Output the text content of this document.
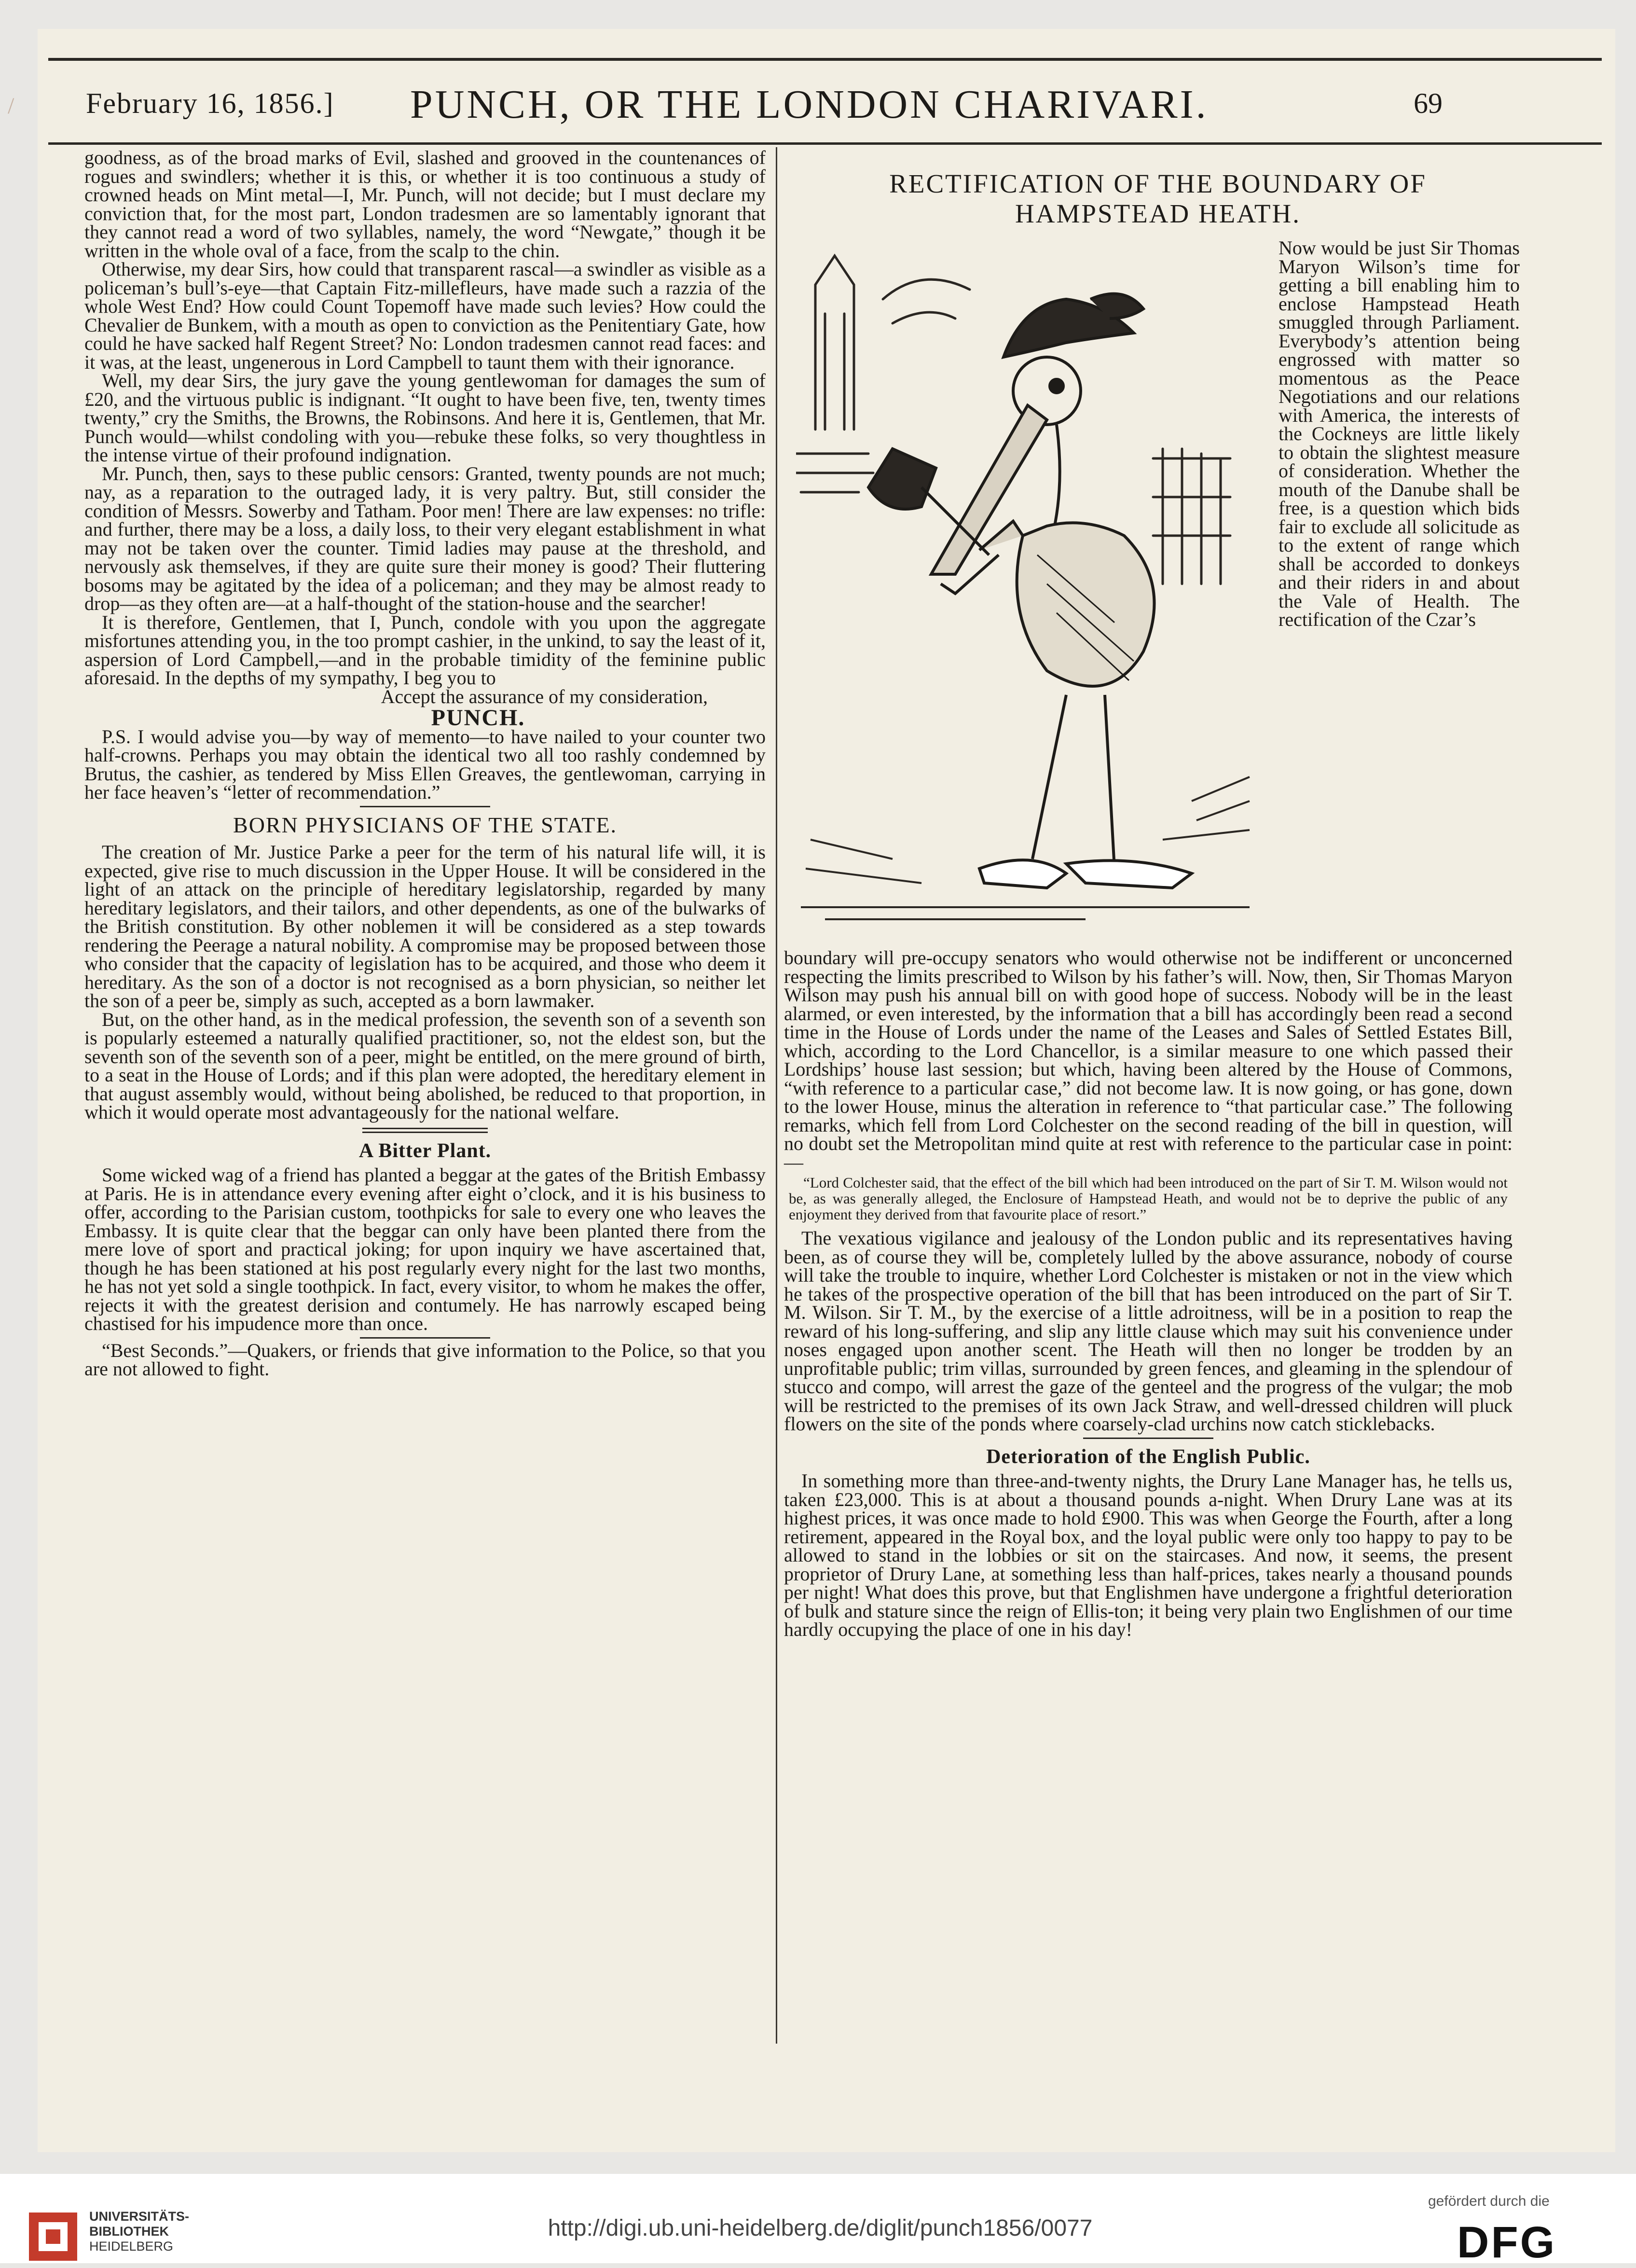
/ February 16, 1856.] PUNCH, OR THE LONDON CHARIVARI.	69

goodness, as of the broad marks of Evil, slashed and grooved in the countenances of rogues and swindlers; whether it is this, or whether it is too continuous a study of crowned heads on Mint metal—I, Mr. Punch, will not decide; but I must declare my conviction that, for the most part, London tradesmen are so lamentably ignorant that they cannot read a word of two syllables, namely, the word “Newgate,” though it be written in the whole oval of a face, from the scalp to the chin.

Otherwise, my dear Sirs, how could that transparent rascal—a swindler as visible as a policeman’s bull’s-eye—that Captain Fitz-millefleurs, have made such a razzia of the whole West End? How could Count Topemoff have made such levies? How could the Chevalier de Bunkem, with a mouth as open to conviction as the Penitentiary Gate, how could he have sacked half Regent Street? No: London tradesmen cannot read faces: and it was, at the least, ungenerous in Lord Campbell to taunt them with their ignorance.

Well, my dear Sirs, the jury gave the young gentlewoman for damages the sum of £20, and the virtuous public is indignant. “It ought to have been five, ten, twenty times twenty,” cry the Smiths, the Browns, the Robinsons. And here it is, Gentlemen, that Mr. Punch would—whilst condoling with you—rebuke these folks, so very thoughtless in the intense virtue of their profound indignation.

Mr. Punch, then, says to these public censors: Granted, twenty pounds are not much; nay, as a reparation to the outraged lady, it is very paltry. But, still consider the condition of Messrs. Sowerby and Tatham. Poor men! There are law expenses: no trifle: and further, there may be a loss, a daily loss, to their very elegant establishment in what may not be taken over the counter. Timid ladies may pause at the threshold, and nervously ask themselves, if they are quite sure their money is good? Their fluttering bosoms may be agitated by the idea of a policeman; and they may be almost ready to drop—as they often are—at a half-thought of the station-house and the searcher!

It is therefore, Gentlemen, that I, Punch, condole with you upon the aggregate misfortunes attending you, in the too prompt cashier, in the unkind, to say the least of it, aspersion of Lord Campbell,—and in the probable timidity of the feminine public aforesaid. In the depths of my sympathy, I beg you to

Accept the assurance of my consideration,

PUNCH.

P.S. I would advise you—by way of memento—to have nailed to your counter two half-crowns. Perhaps you may obtain the identical two all too rashly condemned by Brutus, the cashier, as tendered by Miss Ellen Greaves, the gentlewoman, carrying in her face heaven’s “letter of recommendation.”

BORN PHYSICIANS OF THE STATE.

The creation of Mr. Justice Parke a peer for the term of his natural life will, it is expected, give rise to much discussion in the Upper House. It will be considered in the light of an attack on the principle of hereditary legislatorship, regarded by many hereditary legislators, and their tailors, and other dependents, as one of the bulwarks of the British constitution. By other noblemen it will be considered as a step towards rendering the Peerage a natural nobility. A compromise may be proposed between those who consider that the capacity of legislation has to be acquired, and those who deem it hereditary. As the son of a doctor is not recognised as a born physician, so neither let the son of a peer be, simply as such, accepted as a born lawmaker.

But, on the other hand, as in the medical profession, the seventh son of a seventh son is popularly esteemed a naturally qualified practitioner, so, not the eldest son, but the seventh son of the seventh son of a peer, might be entitled, on the mere ground of birth, to a seat in the House of Lords; and if this plan were adopted, the hereditary element in that august assembly would, without being abolished, be reduced to that proportion, in which it would operate most advantageously for the national welfare.

A Bitter Plant.

Some wicked wag of a friend has planted a beggar at the gates of the British Embassy at Paris. He is in attendance every evening after eight o’clock, and it is his business to offer, according to the Parisian custom, toothpicks for sale to every one who leaves the Embassy. It is quite clear that the beggar can only have been planted there from the mere love of sport and practical joking; for upon inquiry we have ascertained that, though he has been stationed at his post regularly every night for the last two months, he has not yet sold a single toothpick. In fact, every visitor, to whom he makes the offer, rejects it with the greatest derision and contumely. He has narrowly escaped being chastised for his impudence more than once.

“Best Seconds.”—Quakers, or friends that give information to the Police, so that you are not allowed to fight.

RECTIFICATION OF THE BOUNDARY OF HAMPSTEAD HEATH.

Now would be just Sir Thomas Maryon Wilson’s time for getting a bill enabling him to enclose Hampstead Heath smuggled through Parliament. Everybody’s attention being engrossed with matter so momentous as the Peace Negotiations and our relations with America, the interests of the Cockneys are little likely to obtain the slightest measure of consideration. Whether the mouth of the Danube shall be free, is a question which bids fair to exclude all solicitude as to the extent of range which shall be accorded to donkeys and their riders in and about the Vale of Health. The rectification of the Czar’s

boundary will pre-occupy senators who would otherwise not be indifferent or unconcerned respecting the limits prescribed to Wilson by his father’s will. Now, then, Sir Thomas Maryon Wilson may push his annual bill on with good hope of success. Nobody will be in the least alarmed, or even interested, by the information that a bill has accordingly been read a second time in the House of Lords under the name of the Leases and Sales of Settled Estates Bill, which, according to the Lord Chancellor, is a similar measure to one which passed their Lordships’ house last session; but which, having been altered by the House of Commons, “with reference to a particular case,” did not become law. It is now going, or has gone, down to the lower House, minus the alteration in reference to “that particular case.” The following remarks, which fell from Lord Colchester on the second reading of the bill in question, will no doubt set the Metropolitan mind quite at rest with reference to the particular case in point:—

“Lord Colchester said, that the effect of the bill which had been introduced on the part of Sir T. M. Wilson would not be, as was generally alleged, the Enclosure of Hampstead Heath, and would not be to deprive the public of any enjoyment they derived from that favourite place of resort.”

The vexatious vigilance and jealousy of the London public and its representatives having been, as of course they will be, completely lulled by the above assurance, nobody of course will take the trouble to inquire, whether Lord Colchester is mistaken or not in the view which he takes of the prospective operation of the bill that has been introduced on the part of Sir T. M. Wilson. Sir T. M., by the exercise of a little adroitness, will be in a position to reap the reward of his long-suffering, and slip any little clause which may suit his convenience under noses engaged upon another scent. The Heath will then no longer be trodden by an unprofitable public; trim villas, surrounded by green fences, and gleaming in the splendour of stucco and compo, will arrest the gaze of the genteel and the progress of the vulgar; the mob will be restricted to the premises of its own Jack Straw, and well-dressed children will pluck flowers on the site of the ponds where coarsely-clad urchins now catch sticklebacks.

Deterioration of the English Public.

In something more than three-and-twenty nights, the Drury Lane Manager has, he tells us, taken £23,000. This is at about a thousand pounds a-night. When Drury Lane was at its highest prices, it was once made to hold £900. This was when George the Fourth, after a long retirement, appeared in the Royal box, and the loyal public were only too happy to pay to be allowed to stand in the lobbies or sit on the staircases. And now, it seems, the present proprietor of Drury Lane, at something less than half-prices, takes nearly a thousand pounds per night! What does this prove, but that Englishmen have undergone a frightful deterioration of bulk and stature since the reign of Ellis-ton; it being very plain two Englishmen of our time hardly occupying the place of one in his day!

UNIVERSITÄTS-
BIBLIOTHEK
HEIDELBERG
http://digi.ub.uni-heidelberg.de/diglit/punch1856/0077
gefördert durch die
DFG
